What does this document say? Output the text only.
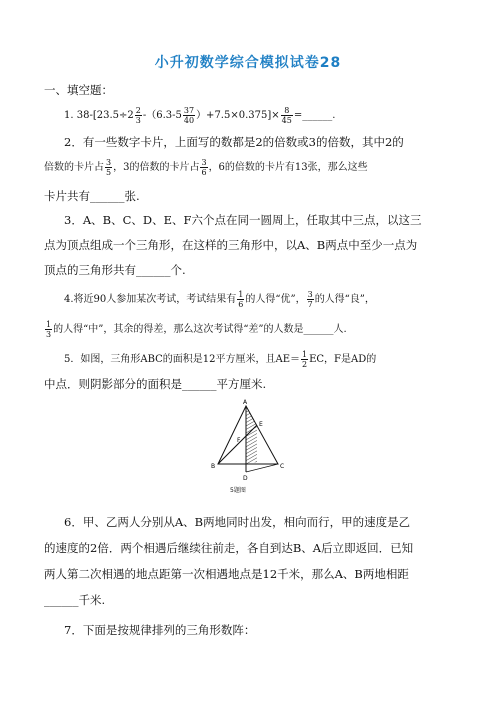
小升初数学综合模拟试卷28
一、填空题：
1. $38-[23.5\div 2 \frac{2}{3} -(6.3-5 \frac{37}{40} )+7.5\times 0.375]\times \frac{8}{45}$ =______.
2．有一些数字卡片，上面写的数都是2的倍数或3的倍数，其中2的
倍数的卡片占 $\frac{3}{5}$ ，3的倍数的卡片占 $\frac{3}{6}$ ，6的倍数的卡片有13张，那么这些
卡片共有______张.
3．A、B、C、D、E、F六个点在同一圆周上，任取其中三点，以这三
点为顶点组成一个三角形，在这样的三角形中，以A、B两点中至少一点为
顶点的三角形共有______个.
4.将近90人参加某次考试，考试结果有 $\frac{1}{6}$ 的人得“优”， $\frac{3}{7}$ 的人得“良”，
$\frac{1}{3}$ 的人得“中”，其余的得差，那么这次考试得“差”的人数是______人.
5．如图，三角形ABC的面积是12平方厘米，且$AE= \frac{1}{2}$ EC，F是AD的
中点．则阴影部分的面积是______平方厘米.
A
B	C
D
E
F
5题图
6．甲、乙两人分别从A、B两地同时出发，相向而行，甲的速度是乙
的速度的2倍．两个相遇后继续往前走，各自到达B、A后立即返回．已知
两人第二次相遇的地点距第一次相遇地点是12千米，那么A、B两地相距
______千米.
7．下面是按规律排列的三角形数阵：
